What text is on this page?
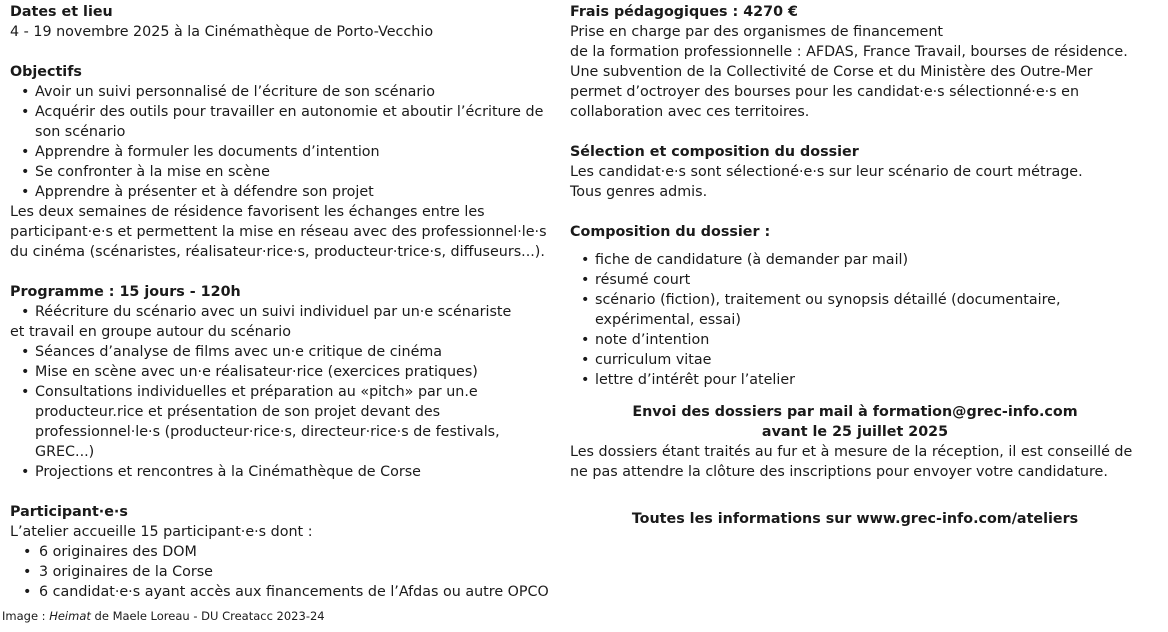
Dates et lieu

4 - 19 novembre 2025 à la Cinémathèque de Porto-Vecchio

Objectifs

• Avoir un suivi personnalisé de l’écriture de son scénario
• Acquérir des outils pour travailler en autonomie et aboutir l’écriture de son scénario
• Apprendre à formuler les documents d’intention
• Se confronter à la mise en scène
• Apprendre à présenter et à défendre son projet

Les deux semaines de résidence favorisent les échanges entre les participant·e·s et permettent la mise en réseau avec des professionnel·le·s du cinéma (scénaristes, réalisateur·rice·s, producteur·trice·s, diffuseurs...).

Programme : 15 jours - 120h

• Réécriture du scénario avec un suivi individuel par un·e scénariste

et travail en groupe autour du scénario

• Séances d’analyse de films avec un·e critique de cinéma
• Mise en scène avec un·e réalisateur·rice (exercices pratiques)
• Consultations individuelles et préparation au «pitch» par un.e producteur.rice et présentation de son projet devant des professionnel·le·s (producteur·rice·s, directeur·rice·s de festivals, GREC...)
• Projections et rencontres à la Cinémathèque de Corse

Participant·e·s

L’atelier accueille 15 participant·e·s dont :

• 6 originaires des DOM
• 3 originaires de la Corse
• 6 candidat·e·s ayant accès aux financements de l’Afdas ou autre OPCO

Frais pédagogiques : 4270 €

Prise en charge par des organismes de financement

de la formation professionnelle : AFDAS, France Travail, bourses de résidence.

Une subvention de la Collectivité de Corse et du Ministère des Outre-Mer permet d’octroyer des bourses pour les candidat·e·s sélectionné·e·s en collaboration avec ces territoires.

Sélection et composition du dossier

Les candidat·e·s sont sélectioné·e·s sur leur scénario de court métrage.

Tous genres admis.

Composition du dossier :

• fiche de candidature (à demander par mail)
• résumé court
• scénario (fiction), traitement ou synopsis détaillé (documentaire, expérimental, essai)
• note d’intention
• curriculum vitae
• lettre d’intérêt pour l’atelier

Envoi des dossiers par mail à formation@grec-info.com

avant le 25 juillet 2025

Les dossiers étant traités au fur et à mesure de la réception, il est conseillé de ne pas attendre la clôture des inscriptions pour envoyer votre candidature.

Toutes les informations sur www.grec-info.com/ateliers

Image : Heimat de Maele Loreau - DU Creatacc 2023-24
